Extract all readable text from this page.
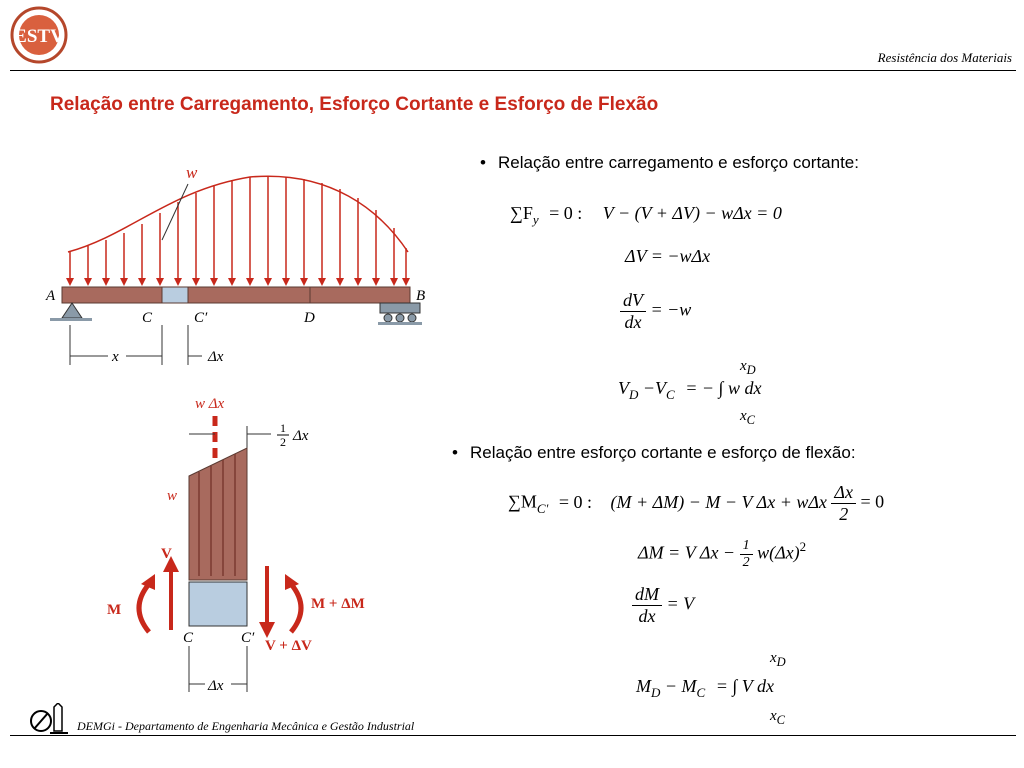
ESTV
Resistência dos Materiais
Relação entre Carregamento, Esforço Cortante e Esforço de Flexão
w
A	B
C	C′	D
x	Δx
w Δx
1
2 Δx
w
V
V + ΔV
M	M + ΔM
C	C′
Δx
• Relação entre carregamento e esforço cortante:
$\sum F_y = 0$ : V − (V + ΔV) − wΔx = 0
ΔV = −wΔx
$\frac{dV}{dx} = -w$
$x_D$
$V_D -V_C$ = − ∫ w dx
$x_C$
• Relação entre esforço cortante e esforço de flexão:
$\sum M_{C'} = 0$ : (M + ΔM) − M − V Δx + wΔx $\frac{\Delta x}{2} = 0$
ΔM = V $\Delta x - \frac{1}{2} w(\Delta x)^2$
$\frac{dM}{dx} = V$
$x_D$
$M_D - M_C$ = ∫ V dx
$x_C$
DEMGi - Departamento de Engenharia Mecânica e Gestão Industrial
